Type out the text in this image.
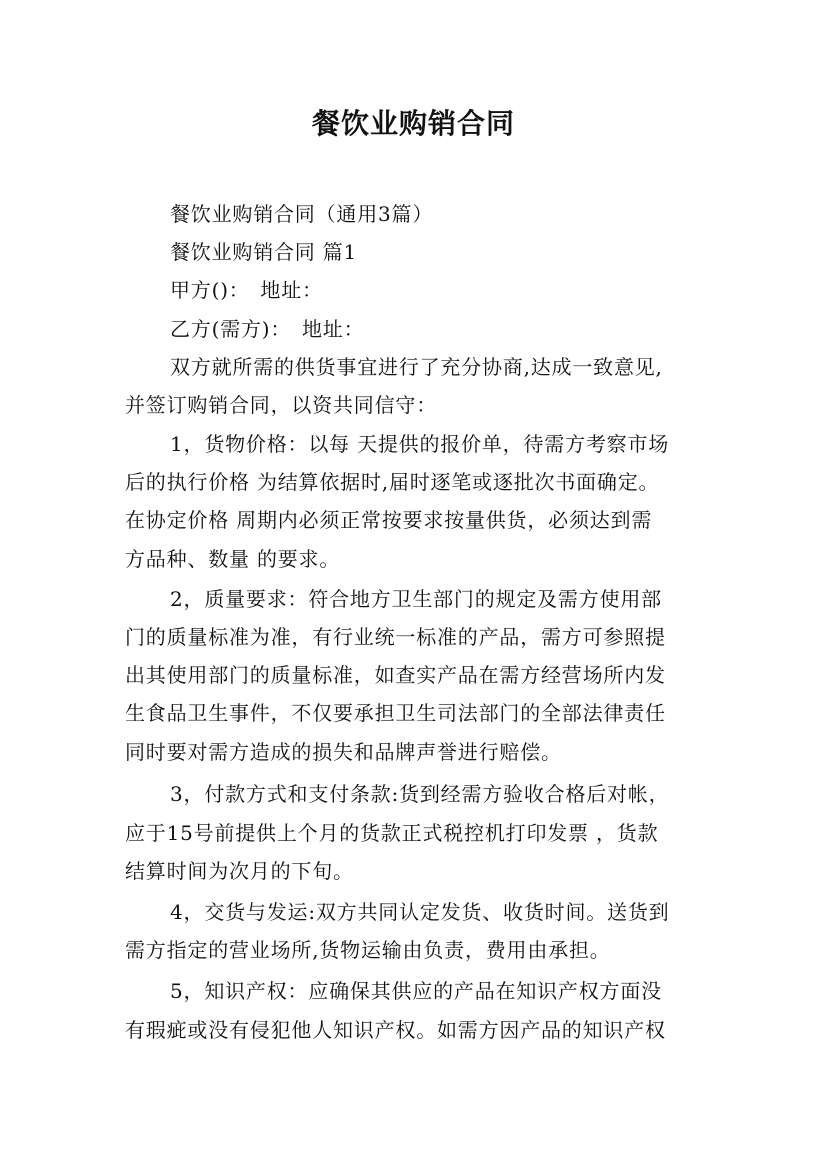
餐饮业购销合同

餐饮业购销合同（通用3篇）

餐饮业购销合同 篇1

甲方()：　地址：

乙方(需方)：　地址：

双方就所需的供货事宜进行了充分协商,达成一致意见,

并签订购销合同，以资共同信守：

1，货物价格：以每 天提供的报价单，待需方考察市场

后的执行价格 为结算依据时,届时逐笔或逐批次书面确定。

在协定价格 周期内必须正常按要求按量供货，必须达到需

方品种、数量 的要求。

2，质量要求：符合地方卫生部门的规定及需方使用部

门的质量标准为准，有行业统一标准的产品，需方可参照提

出其使用部门的质量标准，如查实产品在需方经营场所内发

生食品卫生事件，不仅要承担卫生司法部门的全部法律责任

同时要对需方造成的损失和品牌声誉进行赔偿。

3，付款方式和支付条款:货到经需方验收合格后对帐，

应于15号前提供上个月的货款正式税控机打印发票 ，货款

结算时间为次月的下旬。

4，交货与发运:双方共同认定发货、收货时间。送货到

需方指定的营业场所,货物运输由负责，费用由承担。

5，知识产权：应确保其供应的产品在知识产权方面没

有瑕疵或没有侵犯他人知识产权。如需方因产品的知识产权
